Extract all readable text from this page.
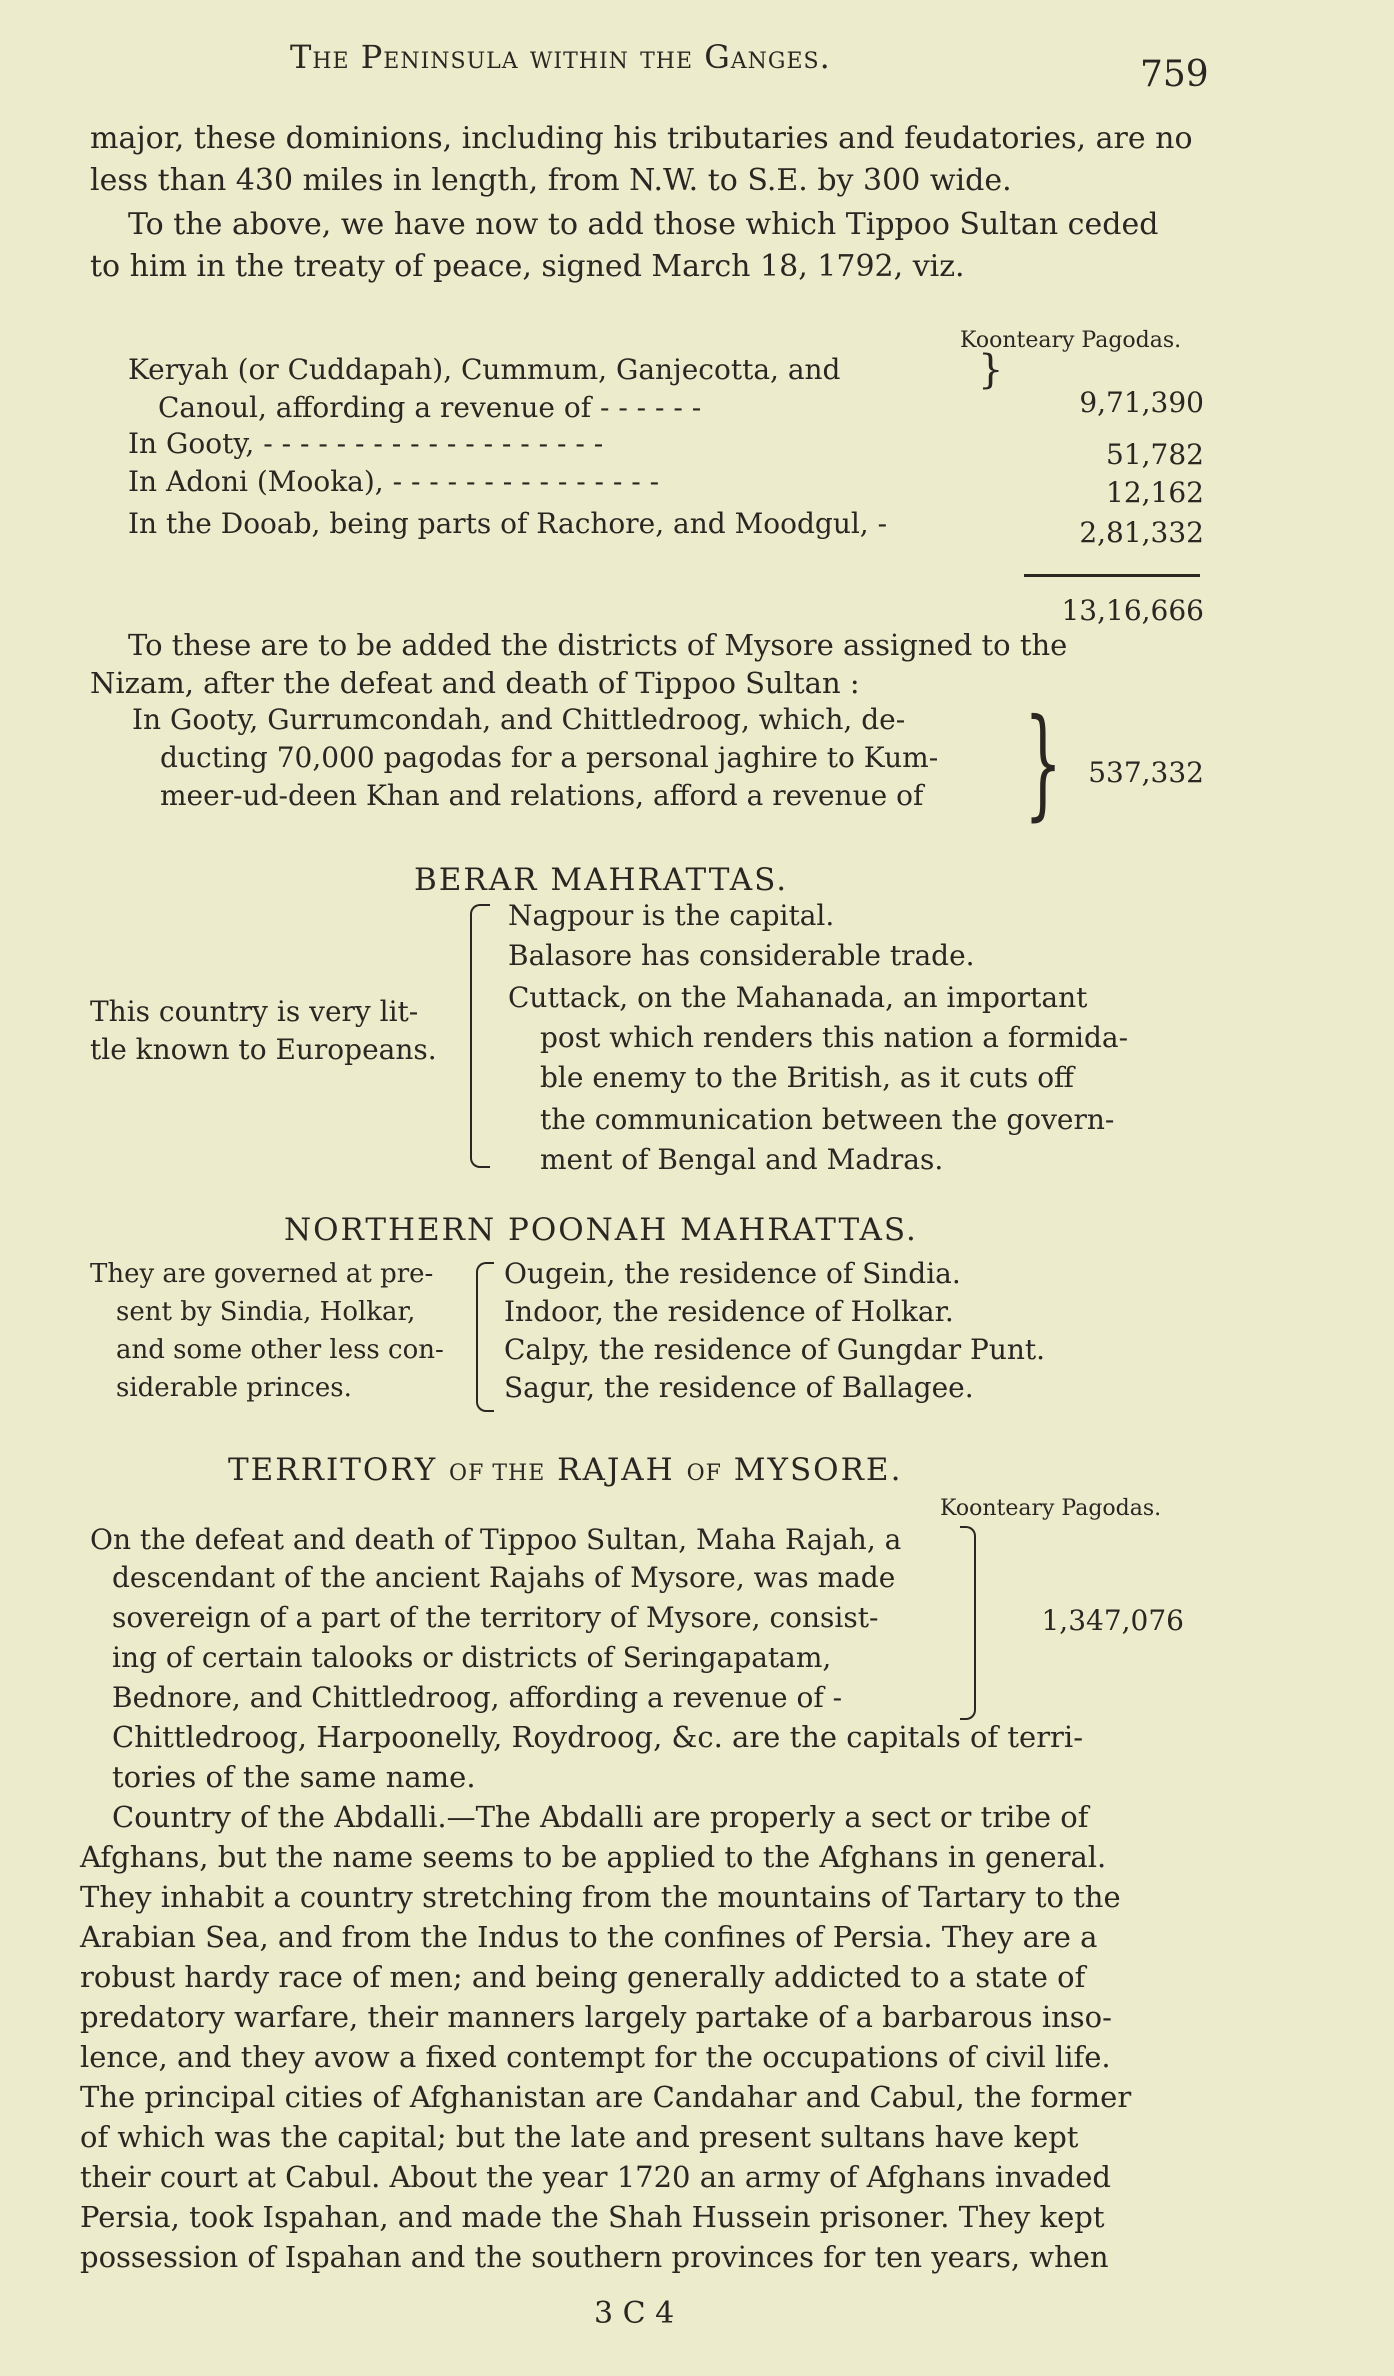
The Peninsula within the Ganges.	759
major, these dominions, including his tributaries and feudatories, are no
less than 430 miles in length, from N.W. to S.E. by 300 wide.
To the above, we have now to add those which Tippoo Sultan ceded
to him in the treaty of peace, signed March 18, 1792, viz.
Koonteary Pagodas.
Keryah (or Cuddapah), Cummum, Ganjecotta, and
Canoul, affording a revenue of - - - - - -
}
9,71,390
In Gooty, - - - - - - - - - - - - - - - - - - -	51,782
In Adoni (Mooka), - - - - - - - - - - - - - - -	12,162
In the Dooab, being parts of Rachore, and Moodgul, -	2,81,332
13,16,666
To these are to be added the districts of Mysore assigned to the
Nizam, after the defeat and death of Tippoo Sultan :
In Gooty, Gurrumcondah, and Chittledroog, which, de-
ducting 70,000 pagodas for a personal jaghire to Kum-
meer-ud-deen Khan and relations, afford a revenue of } 537,332
BERAR MAHRATTAS.
This country is very lit-
tle known to Europeans.
Nagpour is the capital.
Balasore has considerable trade.
Cuttack, on the Mahanada, an important
post which renders this nation a formida-
ble enemy to the British, as it cuts off
the communication between the govern-
ment of Bengal and Madras.
NORTHERN POONAH MAHRATTAS.
They are governed at pre-
sent by Sindia, Holkar,
and some other less con-
siderable princes.
Ougein, the residence of Sindia.
Indoor, the residence of Holkar.
Calpy, the residence of Gungdar Punt.
Sagur, the residence of Ballagee.
TERRITORY OF THE RAJAH OF MYSORE.
Koonteary Pagodas.
On the defeat and death of Tippoo Sultan, Maha Rajah, a
descendant of the ancient Rajahs of Mysore, was made
sovereign of a part of the territory of Mysore, consist-
ing of certain talooks or districts of Seringapatam,
Bednore, and Chittledroog, affording a revenue of -
1,347,076
Chittledroog, Harpoonelly, Roydroog, &c. are the capitals of terri-
tories of the same name.
Country of the Abdalli.—The Abdalli are properly a sect or tribe of
Afghans, but the name seems to be applied to the Afghans in general.
They inhabit a country stretching from the mountains of Tartary to the
Arabian Sea, and from the Indus to the confines of Persia. They are a
robust hardy race of men; and being generally addicted to a state of
predatory warfare, their manners largely partake of a barbarous inso-
lence, and they avow a fixed contempt for the occupations of civil life.
The principal cities of Afghanistan are Candahar and Cabul, the former
of which was the capital; but the late and present sultans have kept
their court at Cabul. About the year 1720 an army of Afghans invaded
Persia, took Ispahan, and made the Shah Hussein prisoner. They kept
possession of Ispahan and the southern provinces for ten years, when
3 C 4
